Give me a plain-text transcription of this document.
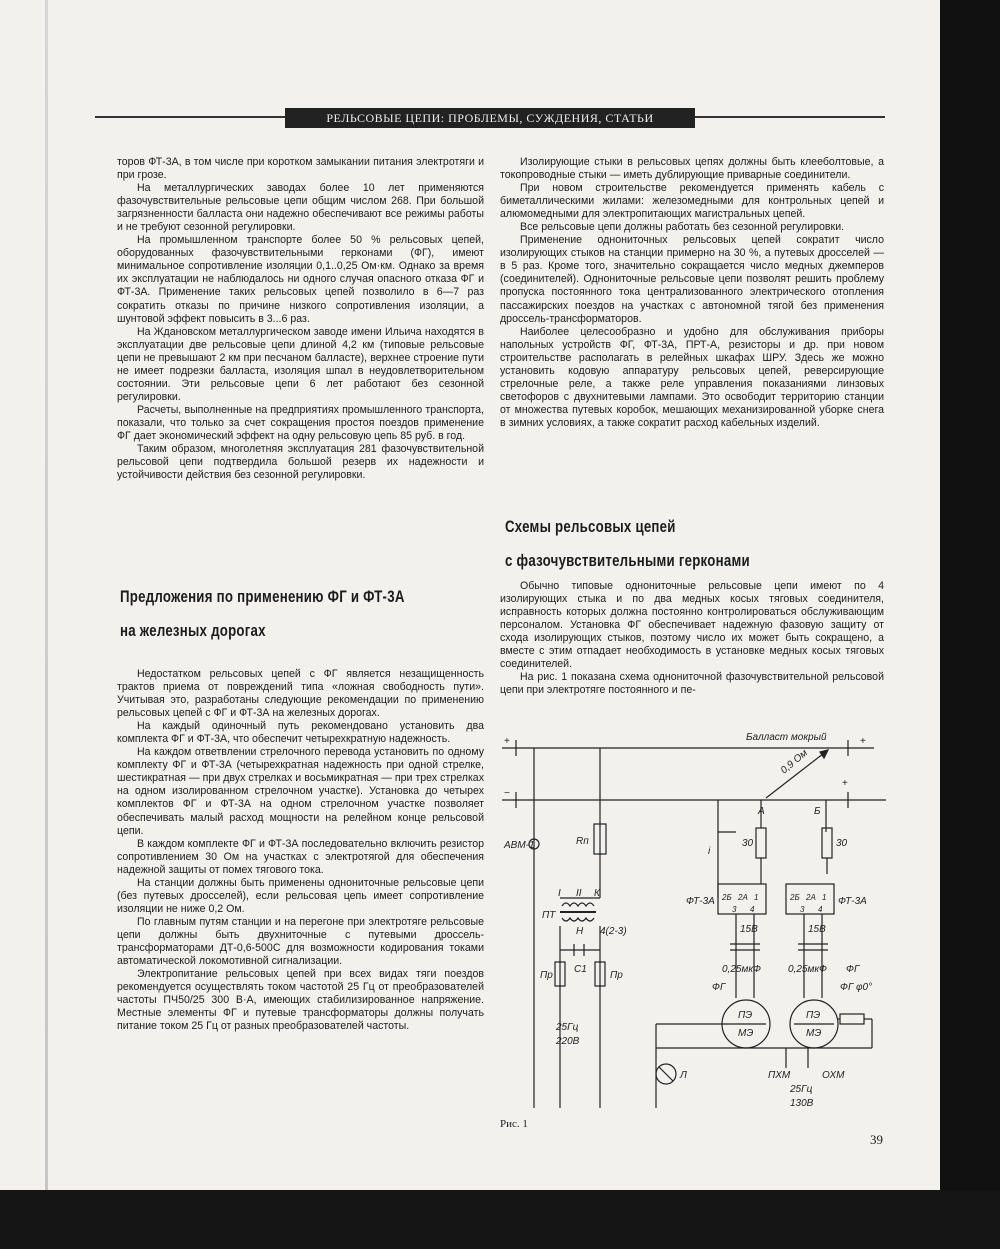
РЕЛЬСОВЫЕ ЦЕПИ: ПРОБЛЕМЫ, СУЖДЕНИЯ, СТАТЬИ

торов ФТ-3А, в том числе при коротком замыкании питания электротяги и при грозе.

На металлургических заводах более 10 лет применяются фазочувствительные рельсовые цепи общим числом 268. При большой загрязненности балласта они надежно обеспечивают все режимы работы и не требуют сезонной регулировки.

На промышленном транспорте более 50 % рельсовых цепей, оборудованных фазочувствительными герконами (ФГ), имеют минимальное сопротивление изоляции 0,1..0,25 Ом·км. Однако за время их эксплуатации не наблюдалось ни одного случая опасного отказа ФГ и ФТ-3А. Применение таких рельсовых цепей позволило в 6—7 раз сократить отказы по причине низкого сопротивления изоляции, а шунтовой эффект повысить в 3...6 раз.

На Ждановском металлургическом заводе имени Ильича находятся в эксплуатации две рельсовые цепи длиной 4,2 км (типовые рельсовые цепи не превышают 2 км при песчаном балласте), верхнее строение пути не имеет подрезки балласта, изоляция шпал в неудовлетворительном состоянии. Эти рельсовые цепи 6 лет работают без сезонной регулировки.

Расчеты, выполненные на предприятиях промышленного транспорта, показали, что только за счет сокращения простоя поездов применение ФГ дает экономический эффект на одну рельсовую цепь 85 руб. в год.

Таким образом, многолетняя эксплуатация 281 фазочувствительной рельсовой цепи подтвердила большой резерв их надежности и устойчивости действия без сезонной регулировки.

Предложения по применению ФГ и ФТ-3А
на железных дорогах

Недостатком рельсовых цепей с ФГ является незащищенность трактов приема от повреждений типа «ложная свободность пути». Учитывая это, разработаны следующие рекомендации по применению рельсовых цепей с ФГ и ФТ-3А на железных дорогах.

На каждый одиночный путь рекомендовано установить два комплекта ФГ и ФТ-3А, что обеспечит четырехкратную надежность.

На каждом ответвлении стрелочного перевода установить по одному комплекту ФГ и ФТ-3А (четырехкратная надежность при одной стрелке, шестикратная — при двух стрелках и восьмикратная — при трех стрелках на одном изолированном стрелочном участке). Установка до четырех комплектов ФГ и ФТ-3А на одном стрелочном участке позволяет обеспечивать малый расход мощности на релейном конце рельсовой цепи.

В каждом комплекте ФГ и ФТ-3А последовательно включить резистор сопротивлением 30 Ом на участках с электротягой для обеспечения надежной защиты от помех тягового тока.

На станции должны быть применены однониточные рельсовые цепи (без путевых дросселей), если рельсовая цепь имеет сопротивление изоляции не ниже 0,2 Ом.

По главным путям станции и на перегоне при электротяге рельсовые цепи должны быть двухниточные с путевыми дроссель-трансформаторами ДТ-0,6-500С для возможности кодирования токами автоматической локомотивной сигнализации.

Электропитание рельсовых цепей при всех видах тяги поездов рекомендуется осуществлять током частотой 25 Гц от преобразователей частоты ПЧ50/25 300 В·А, имеющих стабилизированное напряжение. Местные элементы ФГ и путевые трансформаторы должны получать питание током 25 Гц от разных преобразователей частоты.

Изолирующие стыки в рельсовых цепях должны быть клееболтовые, а токопроводные стыки — иметь дублирующие приварные соединители.

При новом строительстве рекомендуется применять кабель с биметаллическими жилами: железомедными для контрольных цепей и алюмомедными для электропитающих магистральных цепей.

Все рельсовые цепи должны работать без сезонной регулировки.

Применение однониточных рельсовых цепей сократит число изолирующих стыков на станции примерно на 30 %, а путевых дросселей — в 5 раз. Кроме того, значительно сокращается число медных джемперов (соединителей). Однониточные рельсовые цепи позволят решить проблему пропуска постоянного тока централизованного электрического отопления пассажирских поездов на участках с автономной тягой без применения дроссель-трансформаторов.

Наиболее целесообразно и удобно для обслуживания приборы напольных устройств ФГ, ФТ-3А, ПРТ-А, резисторы и др. при новом строительстве располагать в релейных шкафах ШРУ. Здесь же можно установить кодовую аппаратуру рельсовых цепей, реверсирующие стрелочные реле, а также реле управления показаниями линзовых светофоров с двухнитевыми лампами. Это освободит территорию станции от множества путевых коробок, мешающих механизированной уборке снега в зимних условиях, а также сократит расход кабельных изделий.

Схемы рельсовых цепей
с фазочувствительными герконами

Обычно типовые однониточные рельсовые цепи имеют по 4 изолирующих стыка и по два медных косых тяговых соединителя, исправность которых должна постоянно контролироваться обслуживающим персоналом. Установка ФГ обеспечивает надежную фазовую защиту от схода изолирующих стыков, поэтому число их может быть сокращено, а вместе с этим отпадает необходимость в установке медных косых тяговых соединителей.

На рис. 1 показана схема однониточной фазочувствительной рельсовой цепи при электротяге постоянного и пе-

+
−
+
+
Балласт мокрый
0,9 Ом
АВМ-1	Rп
ПТ
I II К
Н 4(2-3)
С1
Пр	Пр
25Гц
220В
i
А	Б
30	30
ФТ-3А	ФТ-3А
2Б 2А 1	2Б 2А 1
3 4	3 4
15В	15В
0,25мкФ	0,25мкФ ФГ
ФГ
ПЭ
МЭ
ПЭ
МЭ
ФГ φ0°
Л	ПХМ	ОХМ
25Гц
130В
Рис. 1
39
